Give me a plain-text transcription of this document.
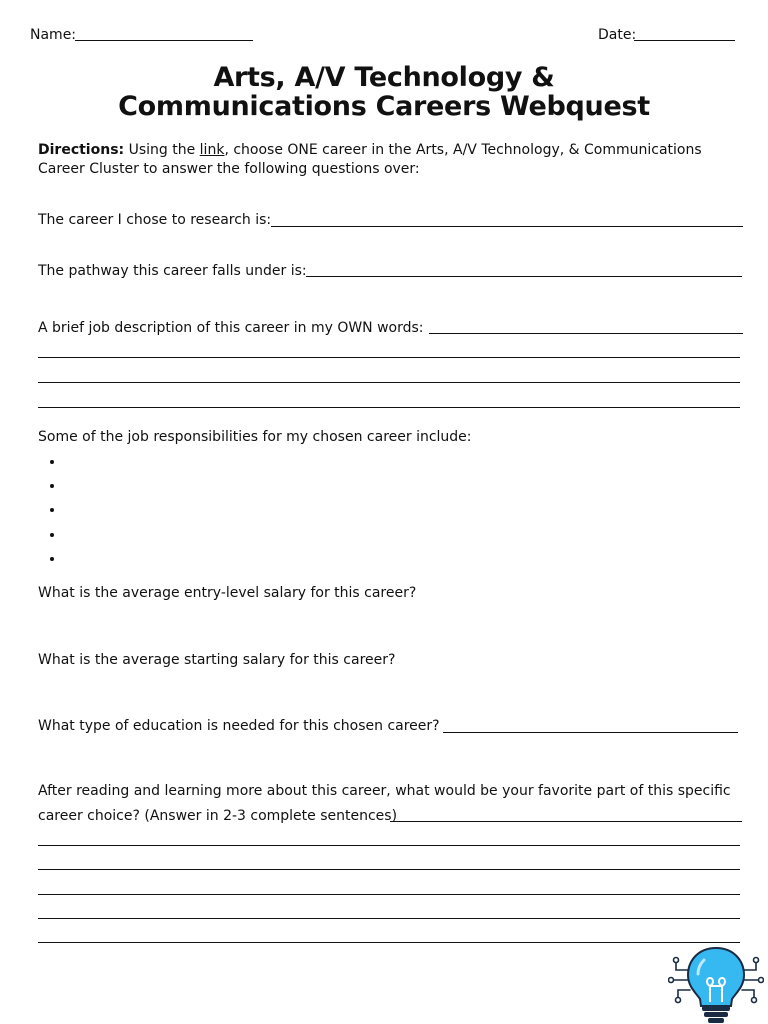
Name:	Date:
Arts, A/V Technology &
Communications Careers Webquest
Directions: Using the link, choose ONE career in the Arts, A/V Technology, & Communications
Career Cluster to answer the following questions over:
The career I chose to research is:
The pathway this career falls under is:
A brief job description of this career in my OWN words:
Some of the job responsibilities for my chosen career include:
What is the average entry-level salary for this career?
What is the average starting salary for this career?
What type of education is needed for this chosen career?
After reading and learning more about this career, what would be your favorite part of this specific
career choice? (Answer in 2-3 complete sentences)
